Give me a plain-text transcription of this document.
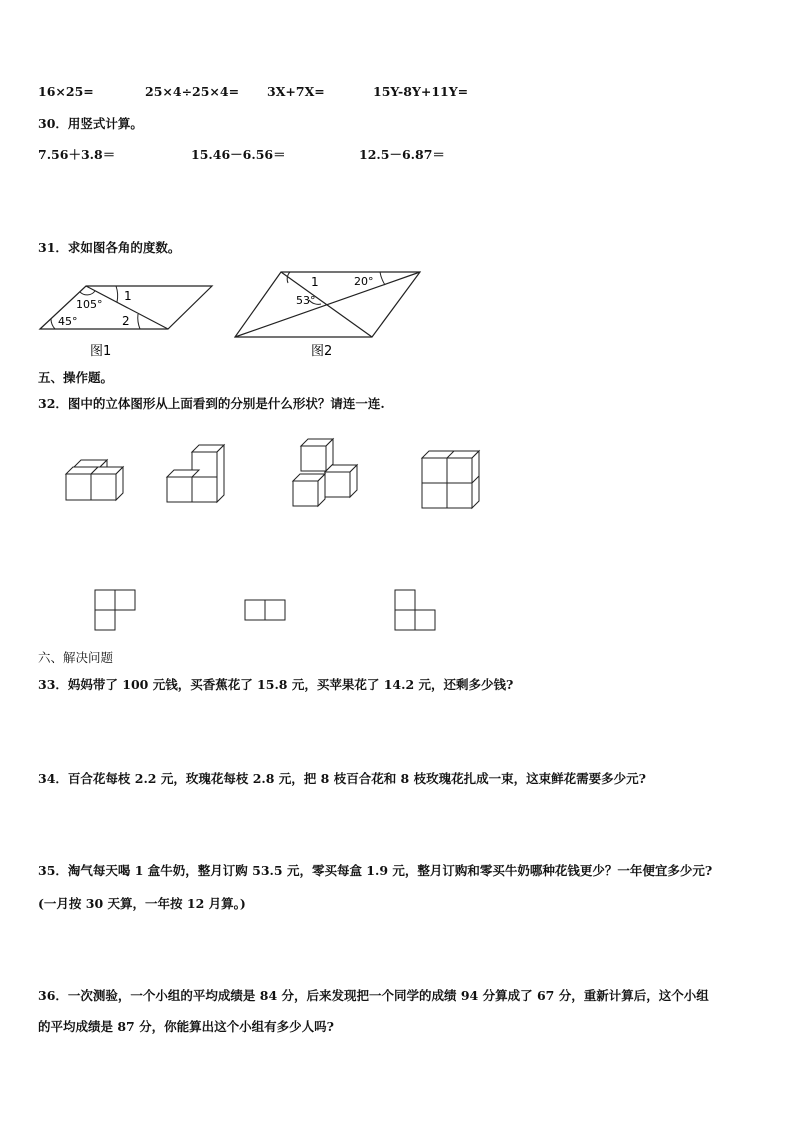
16×25=	25×4÷25×4= 3X+7X=	15Y-8Y+11Y=
30．用竖式计算。
7.56＋3.8＝	15.46－6.56＝	12.5－6.87＝
31．求如图各角的度数。
105°
45°
1
2
图1
1	20°
53°
图2
五、操作题。
32．图中的立体图形从上面看到的分别是什么形状？请连一连.
六、解决问题
33．妈妈带了 100 元钱，买香蕉花了 15.8 元，买苹果花了 14.2 元，还剩多少钱?
34．百合花每枝 2.2 元，玫瑰花每枝 2.8 元，把 8 枝百合花和 8 枝玫瑰花扎成一束，这束鲜花需要多少元?
35．淘气每天喝 1 盒牛奶，整月订购 53.5 元，零买每盒 1.9 元，整月订购和零买牛奶哪种花钱更少？一年便宜多少元?
(一月按 30 天算，一年按 12 月算。)
36．一次测验，一个小组的平均成绩是 84 分，后来发现把一个同学的成绩 94 分算成了 67 分，重新计算后，这个小组
的平均成绩是 87 分，你能算出这个小组有多少人吗?
